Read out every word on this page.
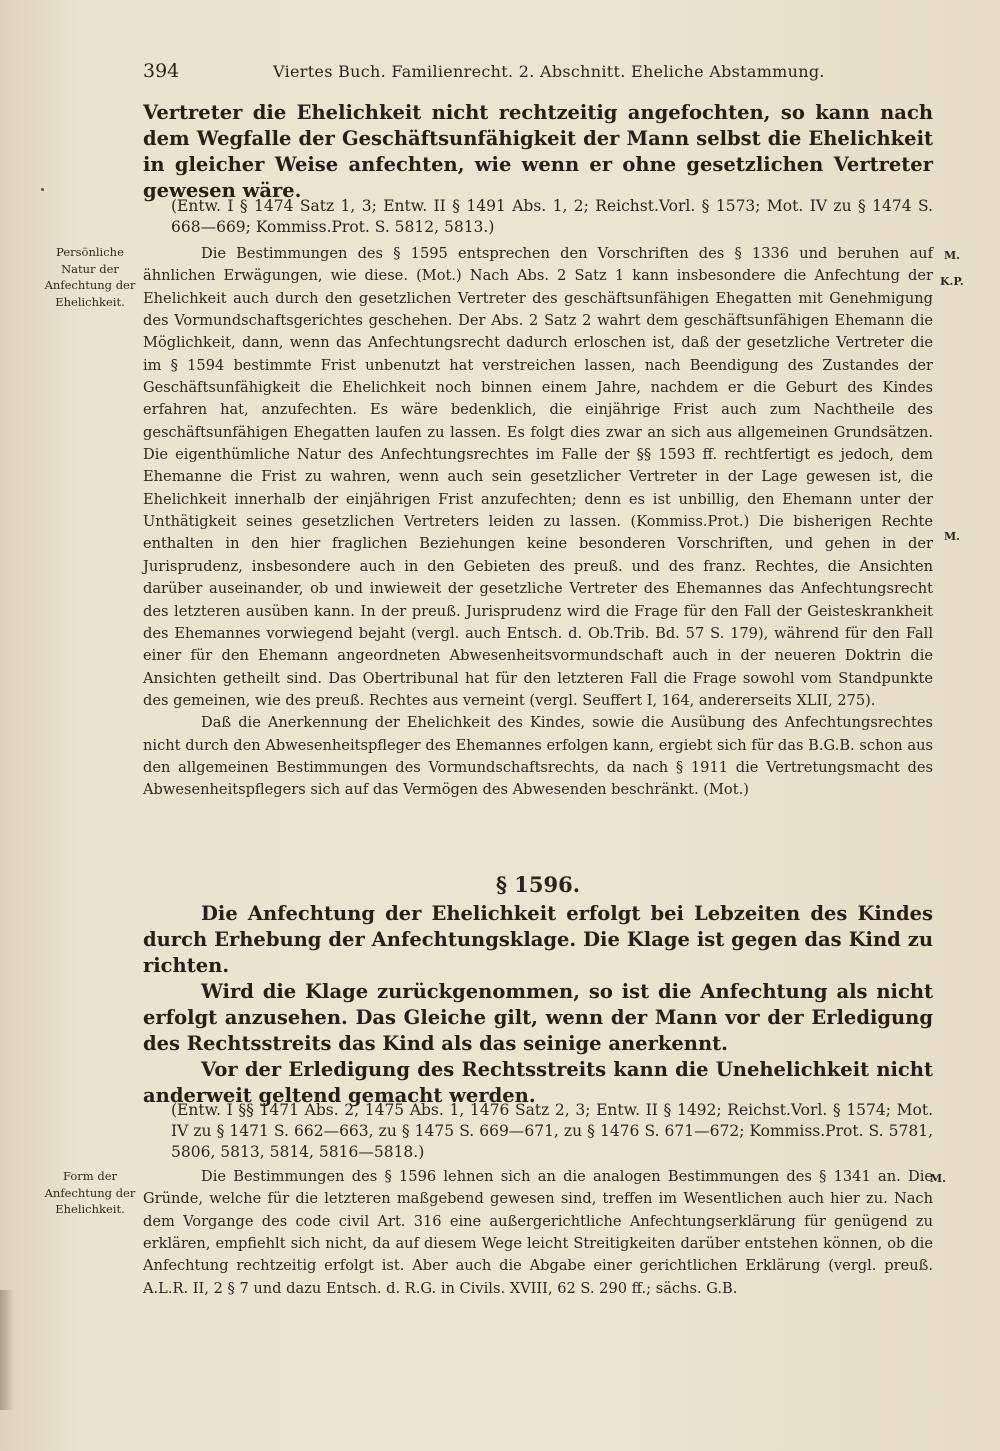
394	Viertes Buch. Familienrecht. 2. Abschnitt. Eheliche Abstammung.

Vertreter die Ehelichkeit nicht rechtzeitig angefochten, so kann nach dem Wegfalle der Geschäftsunfähigkeit der Mann selbst die Ehelichkeit in gleicher Weise anfechten, wie wenn er ohne gesetzlichen Vertreter gewesen wäre.

(Entw. I § 1474 Satz 1, 3; Entw. II § 1491 Abs. 1, 2; Reichst.Vorl. § 1573; Mot. IV zu § 1474 S. 668—669; Kommiss.Prot. S. 5812, 5813.)
Persönliche Natur der Anfechtung der Ehelichkeit.
M.
K.P.
M.

Die Bestimmungen des § 1595 entsprechen den Vorschriften des § 1336 und beruhen auf ähnlichen Erwägungen, wie diese. (Mot.) Nach Abs. 2 Satz 1 kann insbesondere die Anfechtung der Ehelichkeit auch durch den gesetzlichen Vertreter des geschäftsunfähigen Ehegatten mit Genehmigung des Vormundschaftsgerichtes geschehen. Der Abs. 2 Satz 2 wahrt dem geschäftsunfähigen Ehemann die Möglichkeit, dann, wenn das Anfechtungsrecht dadurch erloschen ist, daß der gesetzliche Vertreter die im § 1594 bestimmte Frist unbenutzt hat verstreichen lassen, nach Beendigung des Zustandes der Geschäftsunfähigkeit die Ehelichkeit noch binnen einem Jahre, nachdem er die Geburt des Kindes erfahren hat, anzufechten. Es wäre bedenklich, die einjährige Frist auch zum Nachtheile des geschäftsunfähigen Ehegatten laufen zu lassen. Es folgt dies zwar an sich aus allgemeinen Grundsätzen. Die eigenthümliche Natur des Anfechtungsrechtes im Falle der §§ 1593 ff. rechtfertigt es jedoch, dem Ehemanne die Frist zu wahren, wenn auch sein gesetzlicher Vertreter in der Lage gewesen ist, die Ehelichkeit innerhalb der einjährigen Frist anzufechten; denn es ist unbillig, den Ehemann unter der Unthätigkeit seines gesetzlichen Vertreters leiden zu lassen. (Kommiss.Prot.) Die bisherigen Rechte enthalten in den hier fraglichen Beziehungen keine besonderen Vorschriften, und gehen in der Jurisprudenz, insbesondere auch in den Gebieten des preuß. und des franz. Rechtes, die Ansichten darüber auseinander, ob und inwieweit der gesetzliche Vertreter des Ehemannes das Anfechtungsrecht des letzteren ausüben kann. In der preuß. Jurisprudenz wird die Frage für den Fall der Geisteskrankheit des Ehemannes vorwiegend bejaht (vergl. auch Entsch. d. Ob.Trib. Bd. 57 S. 179), während für den Fall einer für den Ehemann angeordneten Abwesenheitsvormundschaft auch in der neueren Doktrin die Ansichten getheilt sind. Das Obertribunal hat für den letzteren Fall die Frage sowohl vom Standpunkte des gemeinen, wie des preuß. Rechtes aus verneint (vergl. Seuffert I, 164, andererseits XLII, 275).

Daß die Anerkennung der Ehelichkeit des Kindes, sowie die Ausübung des Anfechtungsrechtes nicht durch den Abwesenheitspfleger des Ehemannes erfolgen kann, ergiebt sich für das B.G.B. schon aus den allgemeinen Bestimmungen des Vormundschaftsrechts, da nach § 1911 die Vertretungsmacht des Abwesenheitspflegers sich auf das Vermögen des Abwesenden beschränkt. (Mot.)

§ 1596.

Die Anfechtung der Ehelichkeit erfolgt bei Lebzeiten des Kindes durch Erhebung der Anfechtungsklage. Die Klage ist gegen das Kind zu richten.

Wird die Klage zurückgenommen, so ist die Anfechtung als nicht erfolgt anzusehen. Das Gleiche gilt, wenn der Mann vor der Erledigung des Rechtsstreits das Kind als das seinige anerkennt.

Vor der Erledigung des Rechtsstreits kann die Unehelichkeit nicht anderweit geltend gemacht werden.

(Entw. I §§ 1471 Abs. 2, 1475 Abs. 1, 1476 Satz 2, 3; Entw. II § 1492; Reichst.Vorl. § 1574; Mot. IV zu § 1471 S. 662—663, zu § 1475 S. 669—671, zu § 1476 S. 671—672; Kommiss.Prot. S. 5781, 5806, 5813, 5814, 5816—5818.)
Form der Anfechtung der Ehelichkeit.
M.

Die Bestimmungen des § 1596 lehnen sich an die analogen Bestimmungen des § 1341 an. Die Gründe, welche für die letzteren maßgebend gewesen sind, treffen im Wesentlichen auch hier zu. Nach dem Vorgange des code civil Art. 316 eine außergerichtliche Anfechtungserklärung für genügend zu erklären, empfiehlt sich nicht, da auf diesem Wege leicht Streitigkeiten darüber entstehen können, ob die Anfechtung rechtzeitig erfolgt ist. Aber auch die Abgabe einer gerichtlichen Erklärung (vergl. preuß. A.L.R. II, 2 § 7 und dazu Entsch. d. R.G. in Civils. XVIII, 62 S. 290 ff.; sächs. G.B.
